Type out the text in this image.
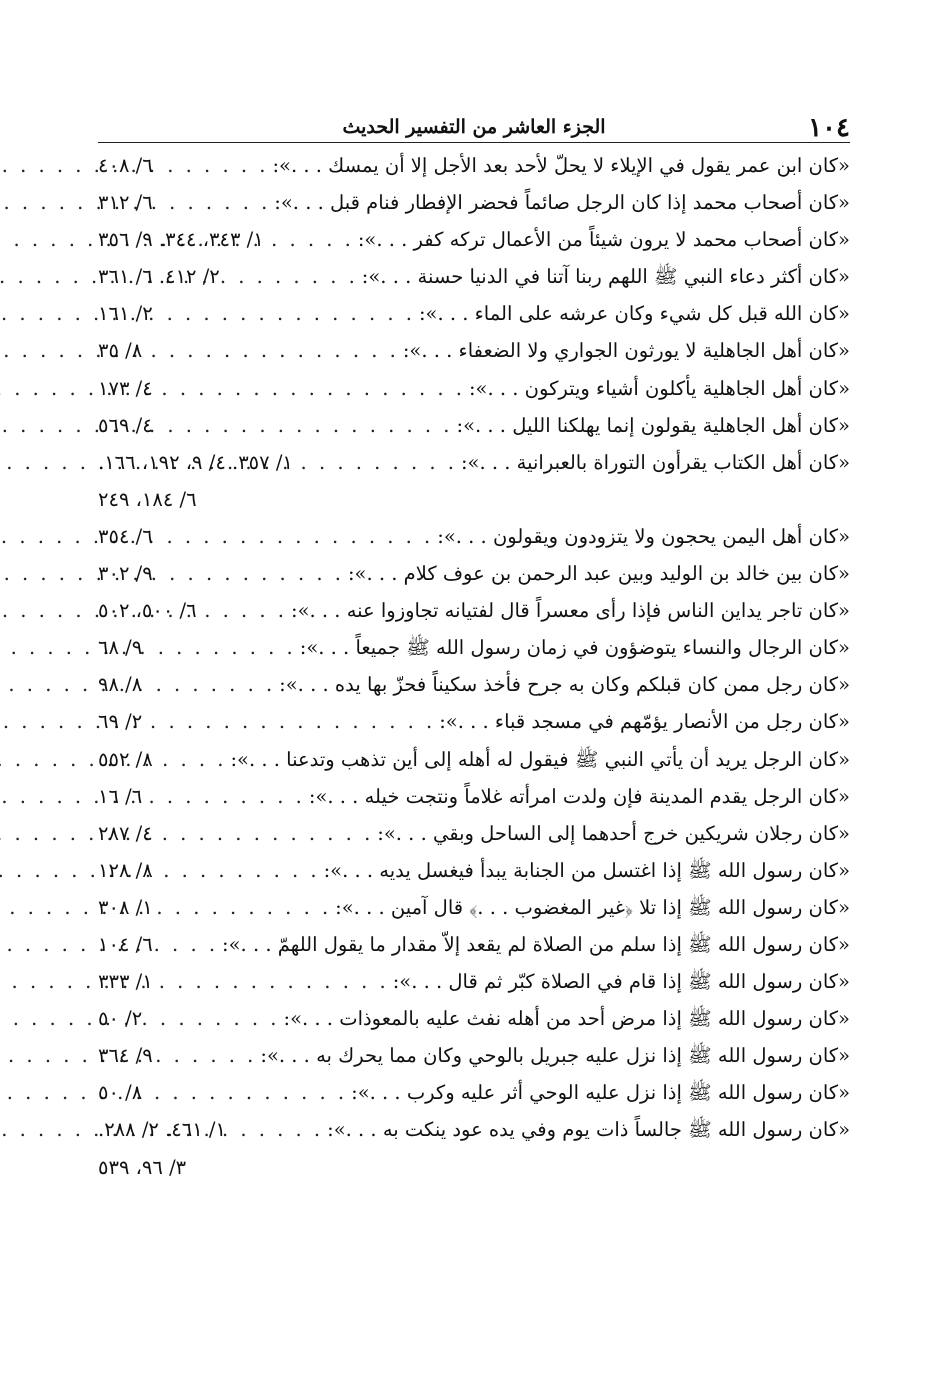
١٠٤
الجزء العاشر من التفسير الحديث
«كان ابن عمر يقول في الإيلاء لا يحلّ لأحد بعد الأجل إلا أن يمسك . . .»:
. . .
٦/ ٤٠٨
«كان أصحاب محمد إذا كان الرجل صائماً فحضر الإفطار فنام قبل . . .»:
. . .
٦/ ٣١٢
«كان أصحاب محمد لا يرون شيئاً من الأعمال تركه كفر . . .»:
. . .
١/ ٣٤٣، ٣٤٤. ٩/ ٣٥٦
«كان أكثر دعاء النبي ﷺ اللهم ربنا آتنا في الدنيا حسنة . . .»:
. . .
٢/ ٤١٢. ٦/ ٣٦١
«كان الله قبل كل شيء وكان عرشه على الماء . . .»:
. . .
٢/ ١٦١
«كان أهل الجاهلية لا يورثون الجواري ولا الضعفاء . . .»:
. . .
٨/ ٣٥
«كان أهل الجاهلية يأكلون أشياء ويتركون . . .»:
. . .
٤/ ١٧٣
«كان أهل الجاهلية يقولون إنما يهلكنا الليل . . .»:
. . .
٤/ ٥٦٩
«كان أهل الكتاب يقرأون التوراة بالعبرانية . . .»:
. . .
١/ ٣٥٧. ٤/ ٩، ١٩٢، ١٦٦.
٦/ ١٨٤، ٢٤٩
«كان أهل اليمن يحجون ولا يتزودون ويقولون . . .»:
. . .
٦/ ٣٥٤
«كان بين خالد بن الوليد وبين عبد الرحمن بن عوف كلام . . .»:
. . .
٩/ ٣٠٢
«كان تاجر يداين الناس فإذا رأى معسراً قال لفتيانه تجاوزوا عنه . . .»:
. . .
٦/ ٥٠٠، ٥٠٢
«كان الرجال والنساء يتوضؤون في زمان رسول الله ﷺ جميعاً . . .»:
. . .
٩/ ٦٨
«كان رجل ممن كان قبلكم وكان به جرح فأخذ سكيناً فحزّ بها يده . . .»:
. . .
٨/ ٩٨
«كان رجل من الأنصار يؤمّهم في مسجد قباء . . .»:
. . .
٢/ ٦٩
«كان الرجل يريد أن يأتي النبي ﷺ فيقول له أهله إلى أين تذهب وتدعنا . . .»:
. . .
٨/ ٥٥٢
«كان الرجل يقدم المدينة فإن ولدت امرأته غلاماً ونتجت خيله . . .»:
. . .
٦/ ١٦
«كان رجلان شريكين خرج أحدهما إلى الساحل وبقي . . .»:
. . .
٤/ ٢٨٧
«كان رسول الله ﷺ إذا اغتسل من الجنابة يبدأ فيغسل يديه . . .»:
. . .
٨/ ١٢٨
«كان رسول الله ﷺ إذا تلا ﴿غير المغضوب . . .﴾ قال آمين . . .»:
. . .
١/ ٣٠٨
«كان رسول الله ﷺ إذا سلم من الصلاة لم يقعد إلاّ مقدار ما يقول اللهمّ . . .»:
. . .
٦/ ١٠٤
«كان رسول الله ﷺ إذا قام في الصلاة كبّر ثم قال . . .»:
. . .
١/ ٣٣٣
«كان رسول الله ﷺ إذا مرض أحد من أهله نفث عليه بالمعوذات . . .»:
. . .
٢/ ٥٠
«كان رسول الله ﷺ إذا نزل عليه جبريل بالوحي وكان مما يحرك به . . .»:
. . .
٩/ ٣٦٤
«كان رسول الله ﷺ إذا نزل عليه الوحي أثر عليه وكرب . . .»:
. . .
٨/ ٥٠
«كان رسول الله ﷺ جالساً ذات يوم وفي يده عود ينكت به . . .»:
. . .
١/ ٤٦١. ٢/ ٢٨٨.
٣/ ٩٦، ٥٣٩
